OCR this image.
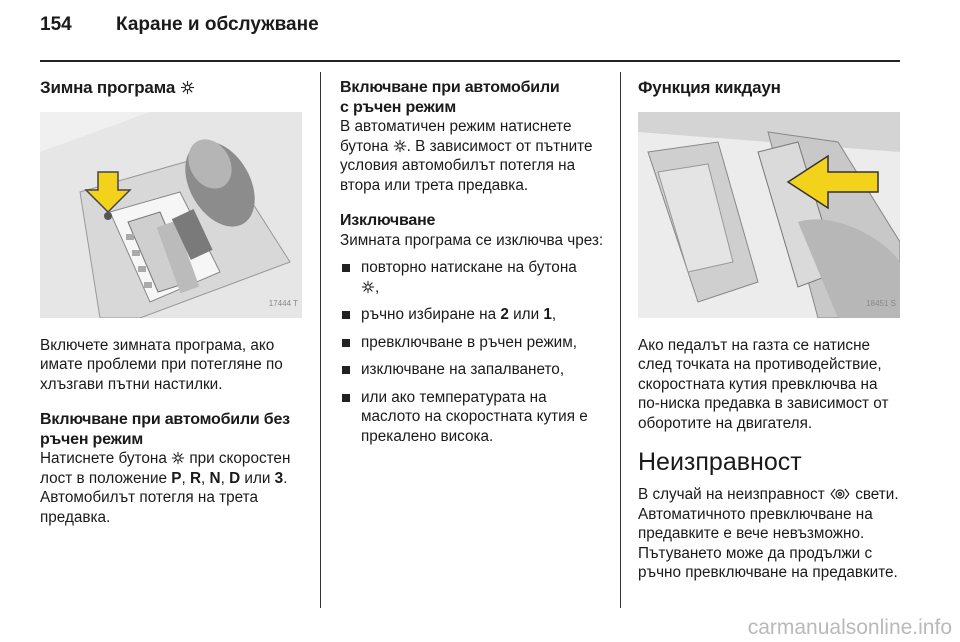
154 Каране и обслужване
Зимна програма
17444 T

Включете зимната програма, ако имате проблеми при потегляне по хлъзгави пътни настилки.

Включване при автомобили без
ръчен режим

Натиснете бутона при скоростен лост в положение P, R, N, D или 3. Автомобилът потегля на трета предавка.

Включване при автомобили
с ръчен режим

В автоматичен режим натиснете бутона . В зависимост от пътните условия автомобилът потегля на втора или трета предавка.

Изключване

Зимната програма се изключва чрез:

повторно натискане на бутона
,
ръчно избиране на 2 или 1,
превключване в ръчен режим,
изключване на запалването,
или ако температурата на маслото на скоростната кутия е прекалено висока.
Функция кикдаун
18451 S

Ако педалът на газта се натисне след точката на противодействие, скоростната кутия превключва на по-ниска предавка в зависимост от оборотите на двигателя.

Неизправност

В случай на неизправност свети. Автоматичното превключване на предавките е вече невъзможно. Пътуването може да продължи с ръчно превключване на предавките.

carmanualsonline.info
